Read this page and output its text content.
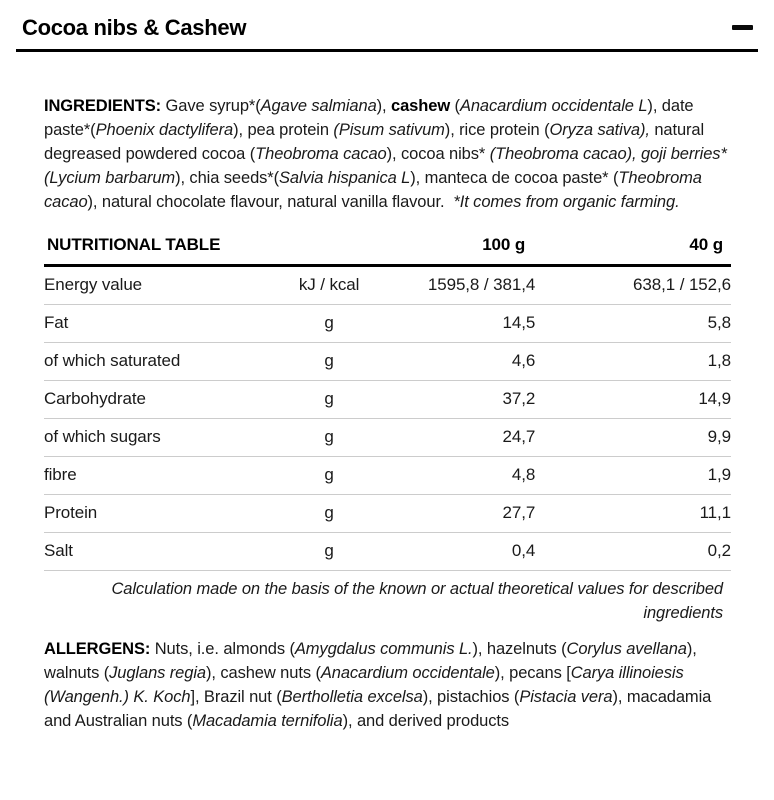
Cocoa nibs & Cashew

INGREDIENTS: Gave syrup*(Agave salmiana), cashew (Anacardium occidentale L), date paste*(Phoenix dactylifera), pea protein (Pisum sativum), rice protein (Oryza sativa), natural degreased powdered cocoa (Theobroma cacao), cocoa nibs* (Theobroma cacao), goji berries*(Lycium barbarum), chia seeds*(Salvia hispanica L), manteca de cocoa paste* (Theobroma cacao), natural chocolate flavour, natural vanilla flavour.  *It comes from organic farming.

NUTRITIONAL TABLE		100 g	40 g
Energy value	kJ / kcal	1595,8 / 381,4	638,1 / 152,6
Fat	g	14,5	5,8
of which saturated	g	4,6	1,8
Carbohydrate	g	37,2	14,9
of which sugars	g	24,7	9,9
fibre	g	4,8	1,9
Protein	g	27,7	11,1
Salt	g	0,4	0,2
Calculation made on the basis of the known or actual theoretical values for described ingredients

ALLERGENS: Nuts, i.e. almonds (Amygdalus communis L.), hazelnuts (Corylus avellana), walnuts (Juglans regia), cashew nuts (Anacardium occidentale), pecans [Carya illinoiesis (Wangenh.) K. Koch], Brazil nut (Bertholletia excelsa), pistachios (Pistacia vera), macadamia and Australian nuts (Macadamia ternifolia), and derived products
